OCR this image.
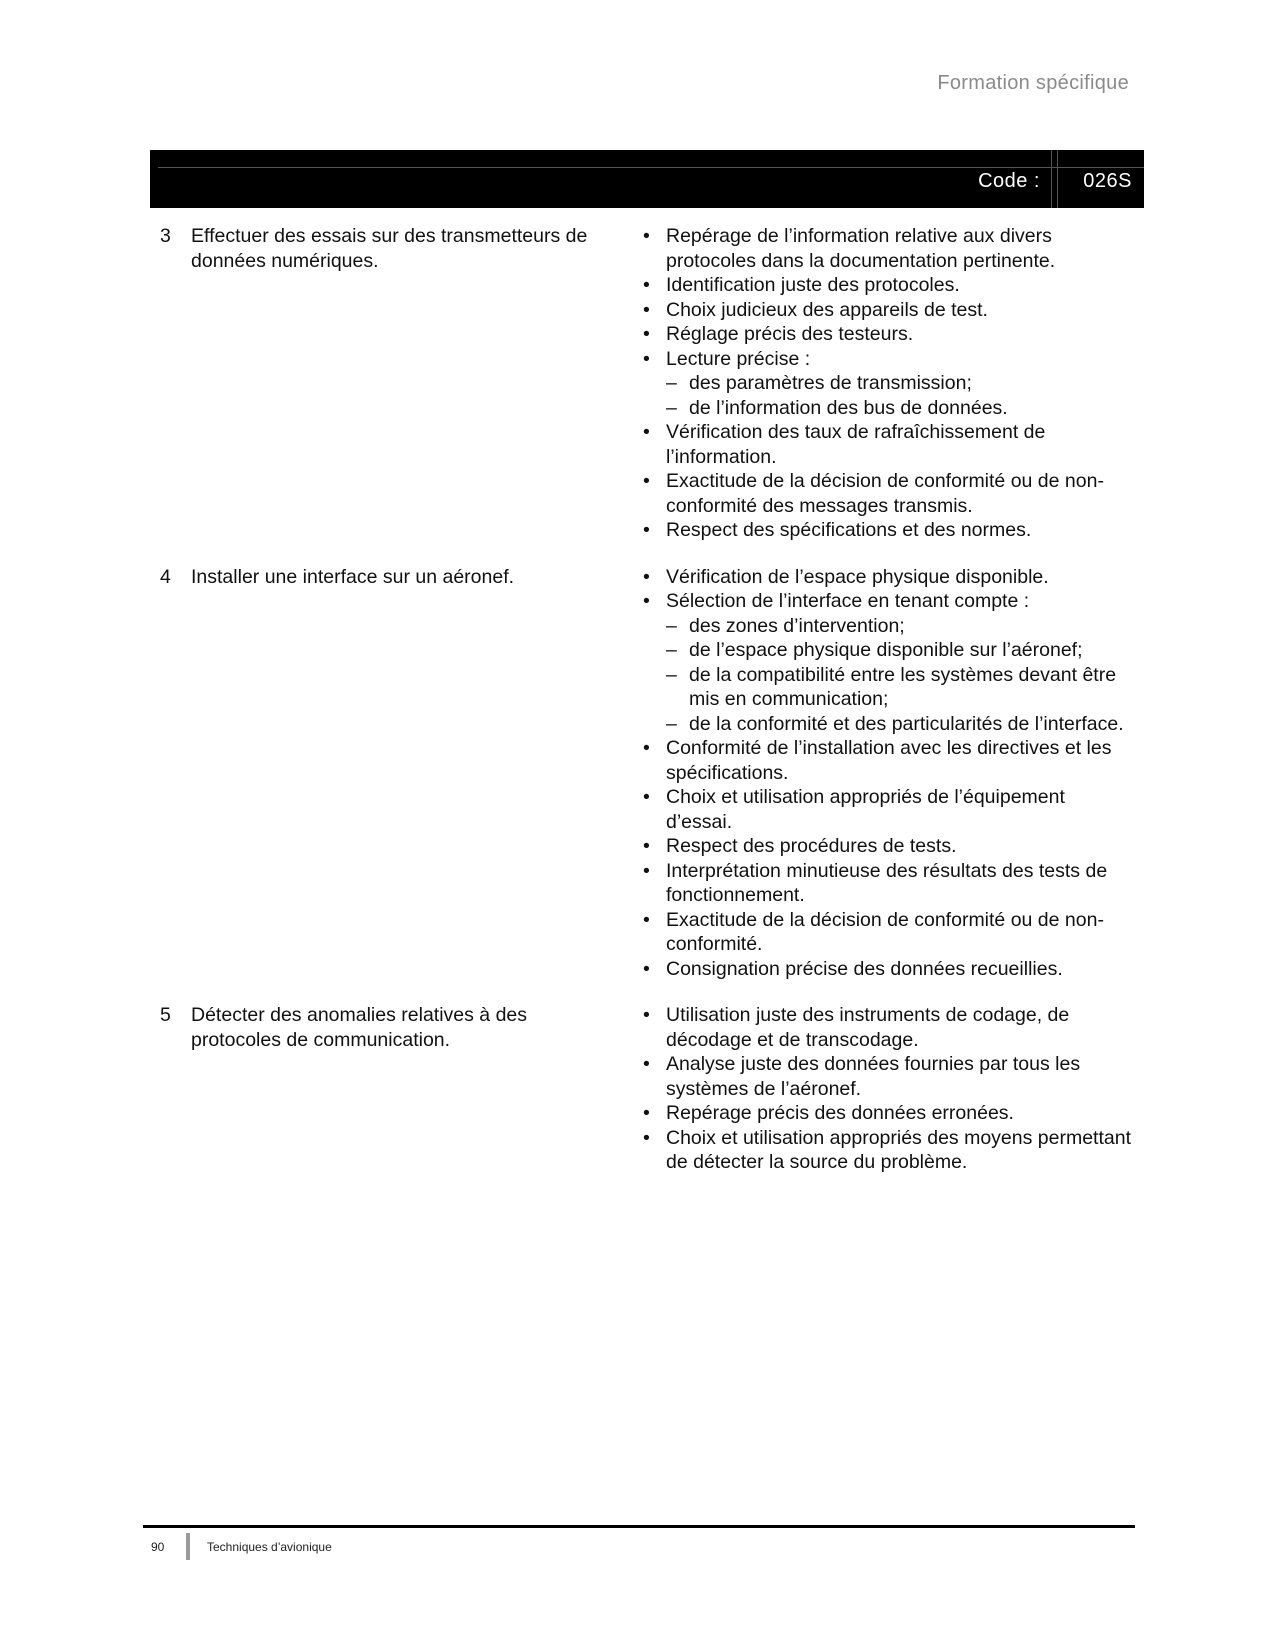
Formation spécifique
Code : 026S
3	Effectuer des essais sur des transmetteurs de données numériques.
• Repérage de l’information relative aux divers protocoles dans la documentation pertinente.
• Identification juste des protocoles.
• Choix judicieux des appareils de test.
• Réglage précis des testeurs.
• Lecture précise :
– des paramètres de transmission;
– de l’information des bus de données.
• Vérification des taux de rafraîchissement de l’information.
• Exactitude de la décision de conformité ou de non-conformité des messages transmis.
• Respect des spécifications et des normes.
4	Installer une interface sur un aéronef.	• Vérification de l’espace physique disponible.
• Sélection de l’interface en tenant compte :
– des zones d’intervention;
– de l’espace physique disponible sur l’aéronef;
– de la compatibilité entre les systèmes devant être mis en communication;
– de la conformité et des particularités de l’interface.
• Conformité de l’installation avec les directives et les spécifications.
• Choix et utilisation appropriés de l’équipement d’essai.
• Respect des procédures de tests.
• Interprétation minutieuse des résultats des tests de fonctionnement.
• Exactitude de la décision de conformité ou de non-conformité.
• Consignation précise des données recueillies.
5	Détecter des anomalies relatives à des protocoles de communication.
• Utilisation juste des instruments de codage, de décodage et de transcodage.
• Analyse juste des données fournies par tous les systèmes de l’aéronef.
• Repérage précis des données erronées.
• Choix et utilisation appropriés des moyens permettant de détecter la source du problème.
90	Techniques d’avionique
